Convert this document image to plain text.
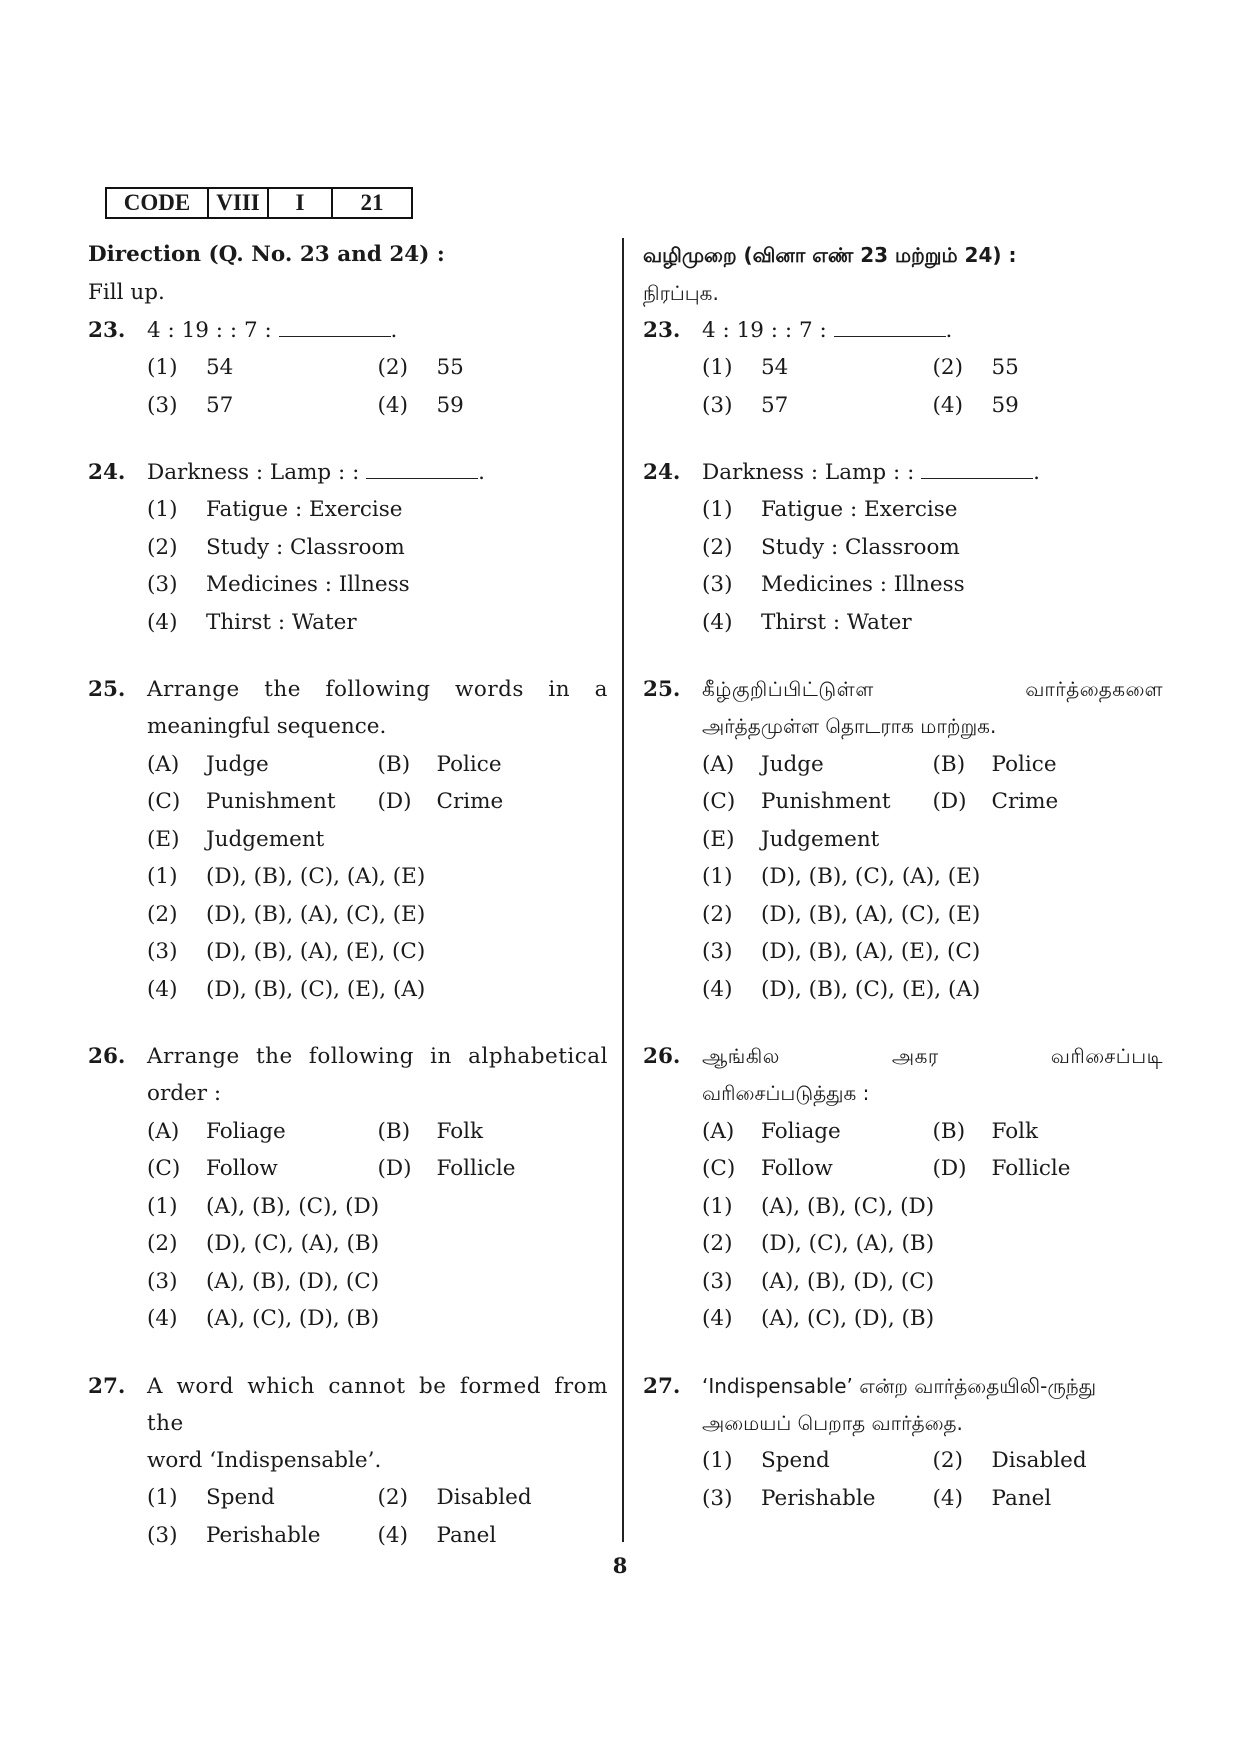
CODE	VIII	I	21
Direction (Q. No. 23 and 24) :
Fill up.
23.	4 : 19 : : 7 :	.
(1)	54	(2)	55
(3)	57	(4)	59
24.	Darkness : Lamp : :	.
(1)	Fatigue : Exercise
(2)	Study : Classroom
(3)	Medicines : Illness
(4)	Thirst : Water
25.	Arrange the following words in a
meaningful sequence.
(A)	Judge	(B)	Police
(C)	Punishment (D)	Crime
(E)	Judgement
(1)	(D), (B), (C), (A), (E)
(2)	(D), (B), (A), (C), (E)
(3)	(D), (B), (A), (E), (C)
(4)	(D), (B), (C), (E), (A)
26.	Arrange the following in alphabetical
order :
(A)	Foliage	(B)	Folk
(C)	Follow	(D)	Follicle
(1)	(A), (B), (C), (D)
(2)	(D), (C), (A), (B)
(3)	(A), (B), (D), (C)
(4)	(A), (C), (D), (B)
27.	A word which cannot be formed from the
word ‘Indispensable’.
(1)	Spend	(2)	Disabled
(3)	Perishable	(4)	Panel
வழிமுறை (வினா எண் 23 மற்றும் 24) :
நிரப்புக.
23.	4 : 19 : : 7 :	.
(1)	54	(2)	55
(3)	57	(4)	59
24.	Darkness : Lamp : :	.
(1)	Fatigue : Exercise
(2)	Study : Classroom
(3)	Medicines : Illness
(4)	Thirst : Water
25.	கீழ்குறிப்பிட்டுள்ள வார்த்தைகளை
அர்த்தமுள்ள தொடராக மாற்றுக.
(A)	Judge	(B)	Police
(C)	Punishment (D)	Crime
(E)	Judgement
(1)	(D), (B), (C), (A), (E)
(2)	(D), (B), (A), (C), (E)
(3)	(D), (B), (A), (E), (C)
(4)	(D), (B), (C), (E), (A)
26.	ஆங்கில அகர வரிசைப்படி
வரிசைப்படுத்துக :
(A)	Foliage	(B)	Folk
(C)	Follow	(D)	Follicle
(1)	(A), (B), (C), (D)
(2)	(D), (C), (A), (B)
(3)	(A), (B), (D), (C)
(4)	(A), (C), (D), (B)
27.	‘Indispensable’ என்ற வார்த்தையிலி-ருந்து
அமையப் பெறாத வார்த்தை.
(1)	Spend	(2)	Disabled
(3)	Perishable	(4)	Panel
8
